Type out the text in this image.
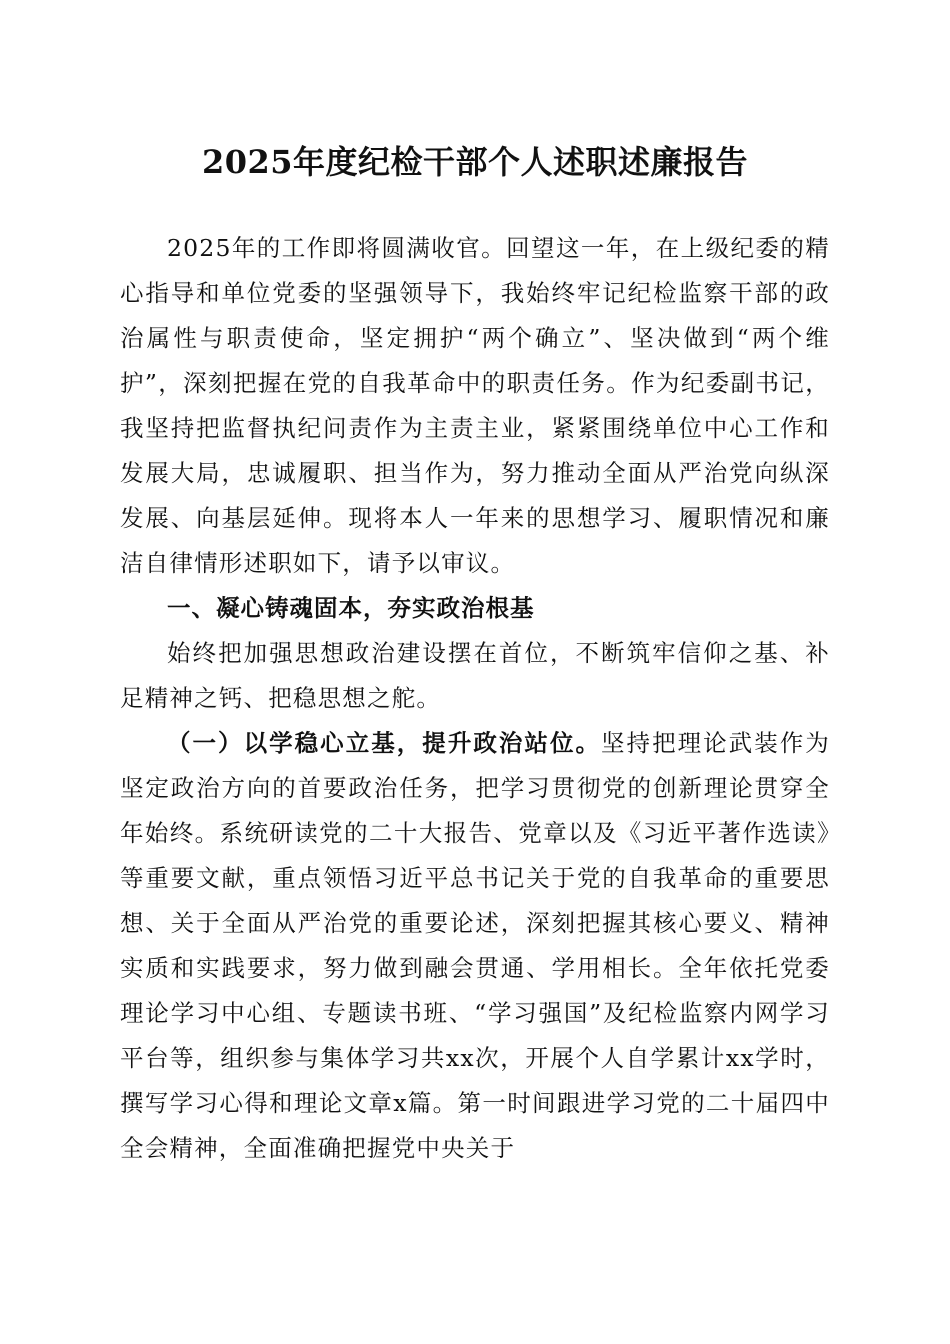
2025年度纪检干部个人述职述廉报告

2025年的工作即将圆满收官。回望这一年，在上级纪委的精心指导和单位党委的坚强领导下，我始终牢记纪检监察干部的政治属性与职责使命，坚定拥护“两个确立”、坚决做到“两个维护”，深刻把握在党的自我革命中的职责任务。作为纪委副书记，我坚持把监督执纪问责作为主责主业，紧紧围绕单位中心工作和发展大局，忠诚履职、担当作为，努力推动全面从严治党向纵深发展、向基层延伸。现将本人一年来的思想学习、履职情况和廉洁自律情形述职如下，请予以审议。

一、凝心铸魂固本，夯实政治根基

始终把加强思想政治建设摆在首位，不断筑牢信仰之基、补足精神之钙、把稳思想之舵。

（一）以学稳心立基，提升政治站位。坚持把理论武装作为坚定政治方向的首要政治任务，把学习贯彻党的创新理论贯穿全年始终。系统研读党的二十大报告、党章以及《习近平著作选读》等重要文献，重点领悟习近平总书记关于党的自我革命的重要思想、关于全面从严治党的重要论述，深刻把握其核心要义、精神实质和实践要求，努力做到融会贯通、学用相长。全年依托党委理论学习中心组、专题读书班、“学习强国”及纪检监察内网学习平台等，组织参与集体学习共xx次，开展个人自学累计xx学时，撰写学习心得和理论文章x篇。第一时间跟进学习党的二十届四中全会精神，全面准确把握党中央关于
